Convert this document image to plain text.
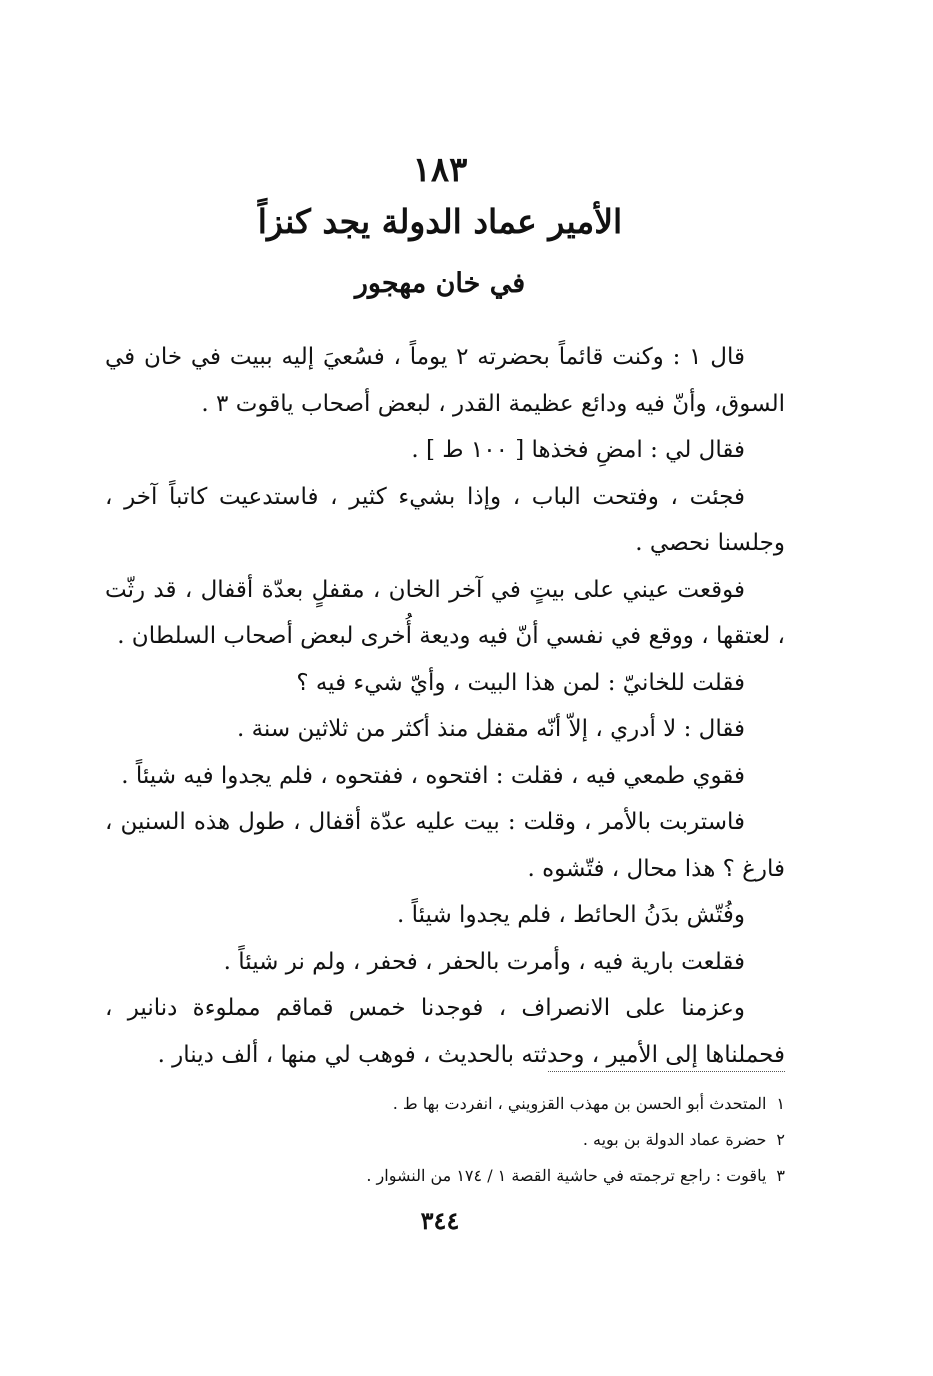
١٨٣
الأمير عماد الدولة يجد كنزاً
في خان مهجور

قال ١ : وكنت قائماً بحضرته ٢ يوماً ، فسُعيَ إليه ببيت في خان في السوق، وأنّ فيه ودائع عظيمة القدر ، لبعض أصحاب ياقوت ٣ .

فقال لي : امضِ فخذها [ ١٠٠ ط ] .

فجئت ، وفتحت الباب ، وإذا بشيء كثير ، فاستدعيت كاتباً آخر ، وجلسنا نحصي .

فوقعت عيني على بيتٍ في آخر الخان ، مقفلٍ بعدّة أقفال ، قد رثّت ، لعتقها ، ووقع في نفسي أنّ فيه وديعة أُخرى لبعض أصحاب السلطان .

فقلت للخانيّ : لمن هذا البيت ، وأيّ شيء فيه ؟

فقال : لا أدري ، إلاّ أنّه مقفل منذ أكثر من ثلاثين سنة .

فقوي طمعي فيه ، فقلت : افتحوه ، ففتحوه ، فلم يجدوا فيه شيئاً .

فاستربت بالأمر ، وقلت : بيت عليه عدّة أقفال ، طول هذه السنين ، فارغ ؟ هذا محال ، فتّشوه .

وفُتّش بدَنُ الحائط ، فلم يجدوا شيئاً .

فقلعت بارية فيه ، وأمرت بالحفر ، فحفر ، ولم نر شيئاً .

وعزمنا على الانصراف ، فوجدنا خمس قماقم مملوءة دنانير ، فحملناها إلى الأمير ، وحدثته بالحديث ، فوهب لي منها ، ألف دينار .

١المتحدث أبو الحسن بن مهذب القزويني ، انفردت بها ط .

٢حضرة عماد الدولة بن بويه .

٣ياقوت : راجع ترجمته في حاشية القصة ١ / ١٧٤ من النشوار .

٣٤٤
